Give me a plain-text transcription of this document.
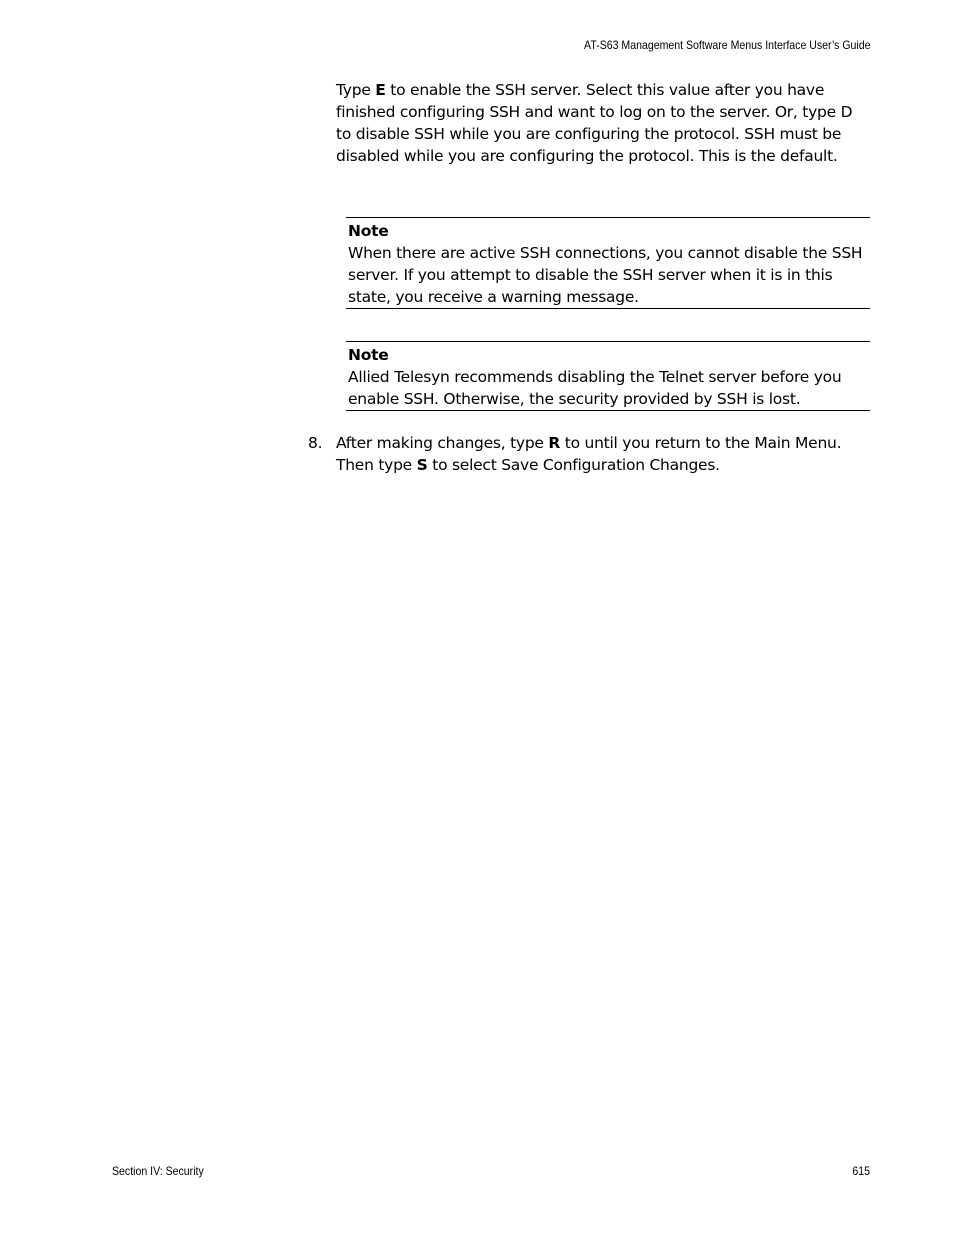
AT-S63 Management Software Menus Interface User’s Guide

Type E to enable the SSH server. Select this value after you have finished configuring SSH and want to log on to the server. Or, type D to disable SSH while you are configuring the protocol. SSH must be disabled while you are configuring the protocol. This is the default.

Note
When there are active SSH connections, you cannot disable the SSH server. If you attempt to disable the SSH server when it is in this state, you receive a warning message.
Note
Allied Telesyn recommends disabling the Telnet server before you enable SSH. Otherwise, the security provided by SSH is lost.
8. After making changes, type R to until you return to the Main Menu. Then type S to select Save Configuration Changes.
Section IV: Security	615
